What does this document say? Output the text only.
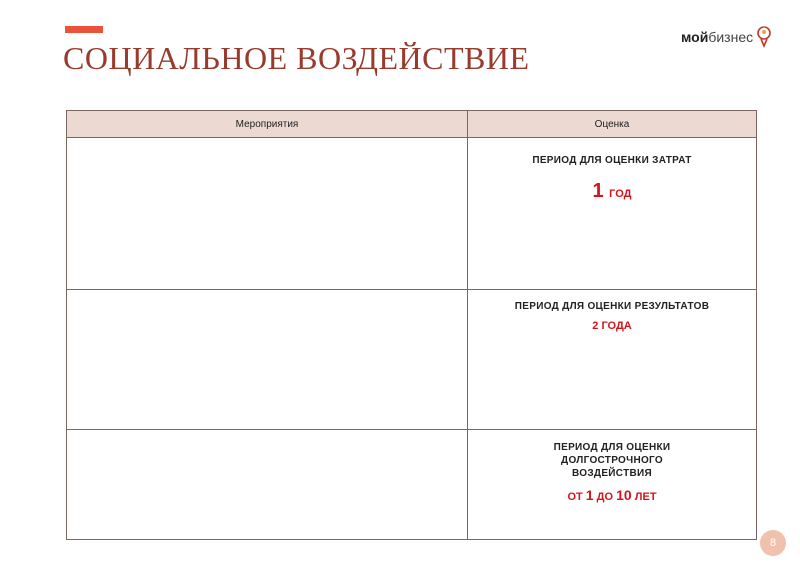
СОЦИАЛЬНОЕ ВОЗДЕЙСТВИЕ
мойбизнес
Мероприятия	Оценка

	ПЕРИОД ДЛЯ ОЦЕНКИ ЗАТРАТ
1 ГОД

	ПЕРИОД ДЛЯ ОЦЕНКИ РЕЗУЛЬТАТОВ
2 ГОДА

	ПЕРИОД ДЛЯ ОЦЕНКИ ДОЛГОСТРОЧНОГО ВОЗДЕЙСТВИЯ
ОТ 1 ДО 10 ЛЕТ
8
